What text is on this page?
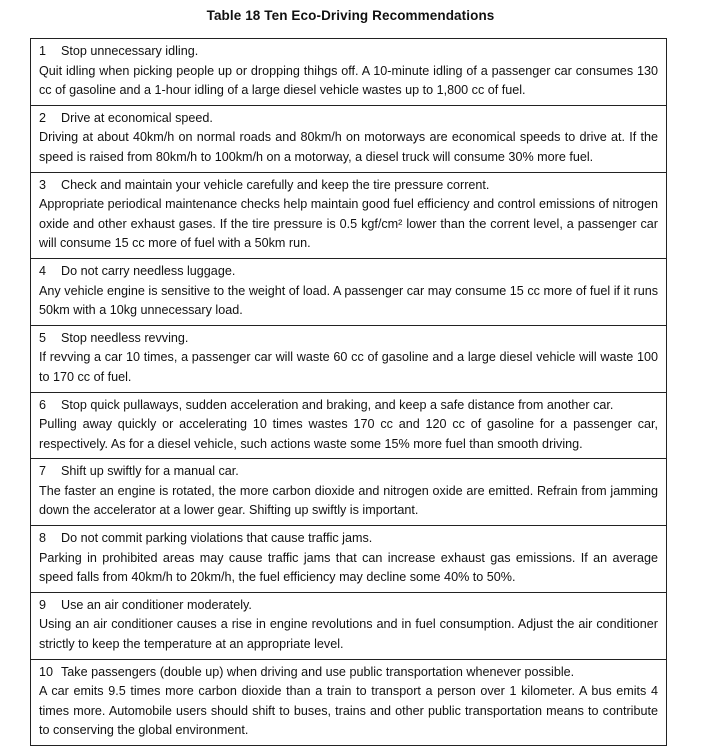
Table 18 Ten Eco-Driving Recommendations
1 Stop unnecessary idling.
Quit idling when picking people up or dropping thihgs off. A 10-minute idling of a passenger car consumes 130 cc of gasoline and a 1-hour idling of a large diesel vehicle wastes up to 1,800 cc of fuel.
2 Drive at economical speed.
Driving at about 40km/h on normal roads and 80km/h on motorways are economical speeds to drive at. If the speed is raised from 80km/h to 100km/h on a motorway, a diesel truck will consume 30% more fuel.
3 Check and maintain your vehicle carefully and keep the tire pressure corrent.
Appropriate periodical maintenance checks help maintain good fuel efficiency and control emissions of nitrogen oxide and other exhaust gases. If the tire pressure is 0.5 kgf/cm² lower than the corrent level, a passenger car will consume 15 cc more of fuel with a 50km run.
4 Do not carry needless luggage.
Any vehicle engine is sensitive to the weight of load. A passenger car may consume 15 cc more of fuel if it runs 50km with a 10kg unnecessary load.
5 Stop needless revving.
If revving a car 10 times, a passenger car will waste 60 cc of gasoline and a large diesel vehicle will waste 100 to 170 cc of fuel.
6 Stop quick pullaways, sudden acceleration and braking, and keep a safe distance from another car.
Pulling away quickly or accelerating 10 times wastes 170 cc and 120 cc of gasoline for a passenger car, respectively. As for a diesel vehicle, such actions waste some 15% more fuel than smooth driving.
7 Shift up swiftly for a manual car.
The faster an engine is rotated, the more carbon dioxide and nitrogen oxide are emitted. Refrain from jamming down the accelerator at a lower gear. Shifting up swiftly is important.
8 Do not commit parking violations that cause traffic jams.
Parking in prohibited areas may cause traffic jams that can increase exhaust gas emissions. If an average speed falls from 40km/h to 20km/h, the fuel efficiency may decline some 40% to 50%.
9 Use an air conditioner moderately.
Using an air conditioner causes a rise in engine revolutions and in fuel consumption. Adjust the air conditioner strictly to keep the temperature at an appropriate level.
10 Take passengers (double up) when driving and use public transportation whenever possible.
A car emits 9.5 times more carbon dioxide than a train to transport a person over 1 kilometer. A bus emits 4 times more. Automobile users should shift to buses, trains and other public transportation means to contribute to conserving the global environment.
